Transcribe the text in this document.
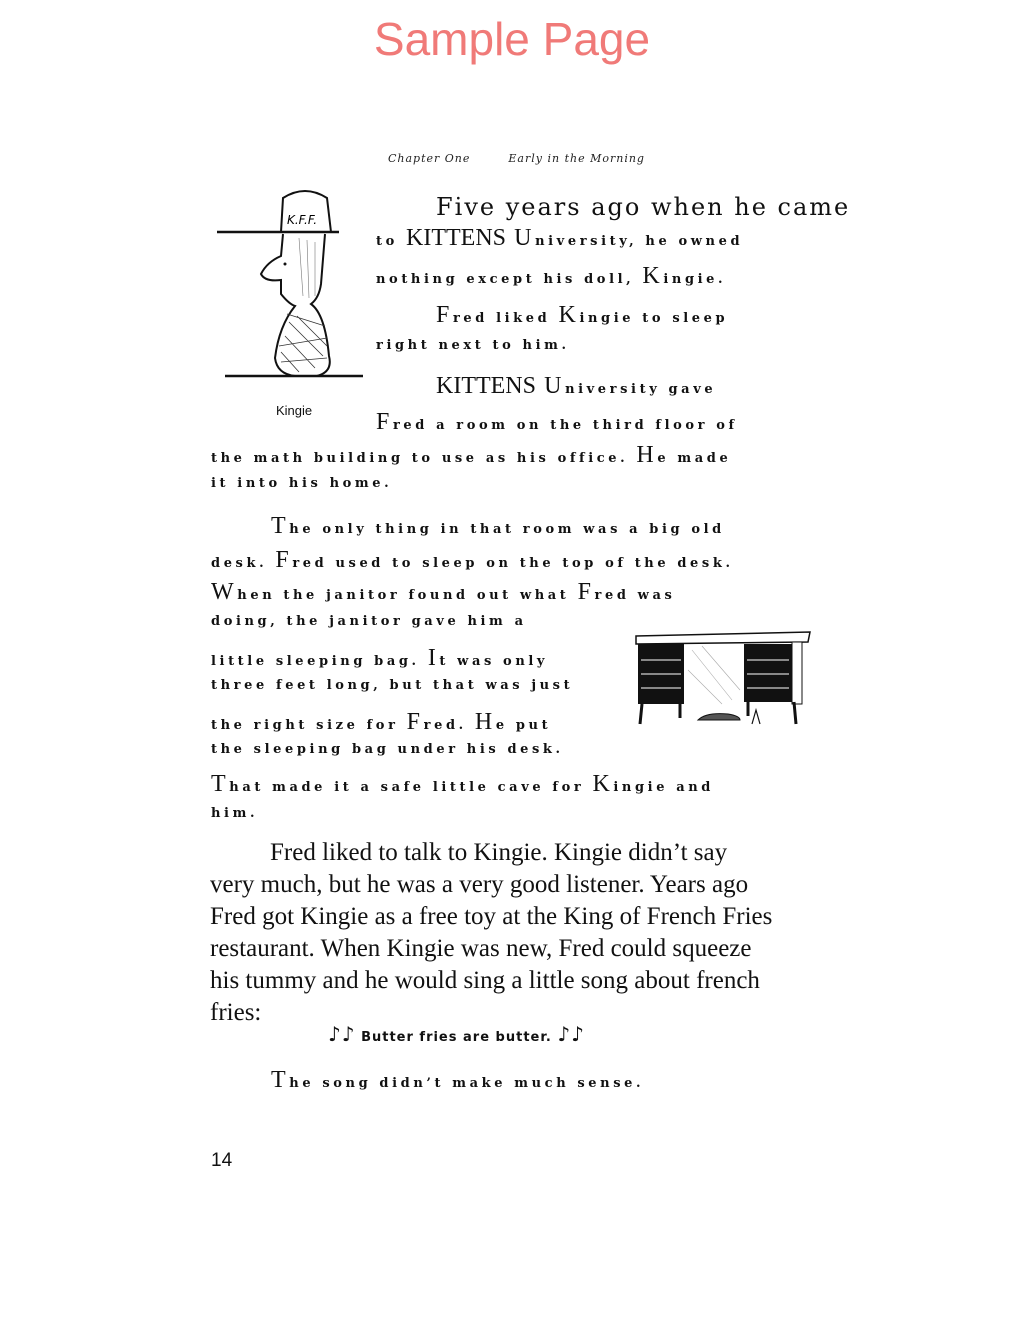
Sample Page
Chapter One	Early in the Morning
K.F.F.
Kingie
Five years ago when he came
to KITTENS University, he owned
nothing except his doll, Kingie.
Fred liked Kingie to sleep
right next to him.
KITTENS University gave
Fred a room on the third floor of
the math building to use as his office. He made
it into his home.
The only thing in that room was a big old
desk. Fred used to sleep on the top of the desk.
When the janitor found out what Fred was
doing, the janitor gave him a
little sleeping bag. It was only
three feet long, but that was just
the right size for Fred. He put
the sleeping bag under his desk.
That made it a safe little cave for Kingie and
him.
Fred liked to talk to Kingie. Kingie didn’t say
very much, but he was a very good listener. Years ago
Fred got Kingie as a free toy at the King of French Fries
restaurant. When Kingie was new, Fred could squeeze
his tummy and he would sing a little song about french
fries:
♪♪ Butter fries are butter. ♪♪
The song didn’t make much sense.
14
